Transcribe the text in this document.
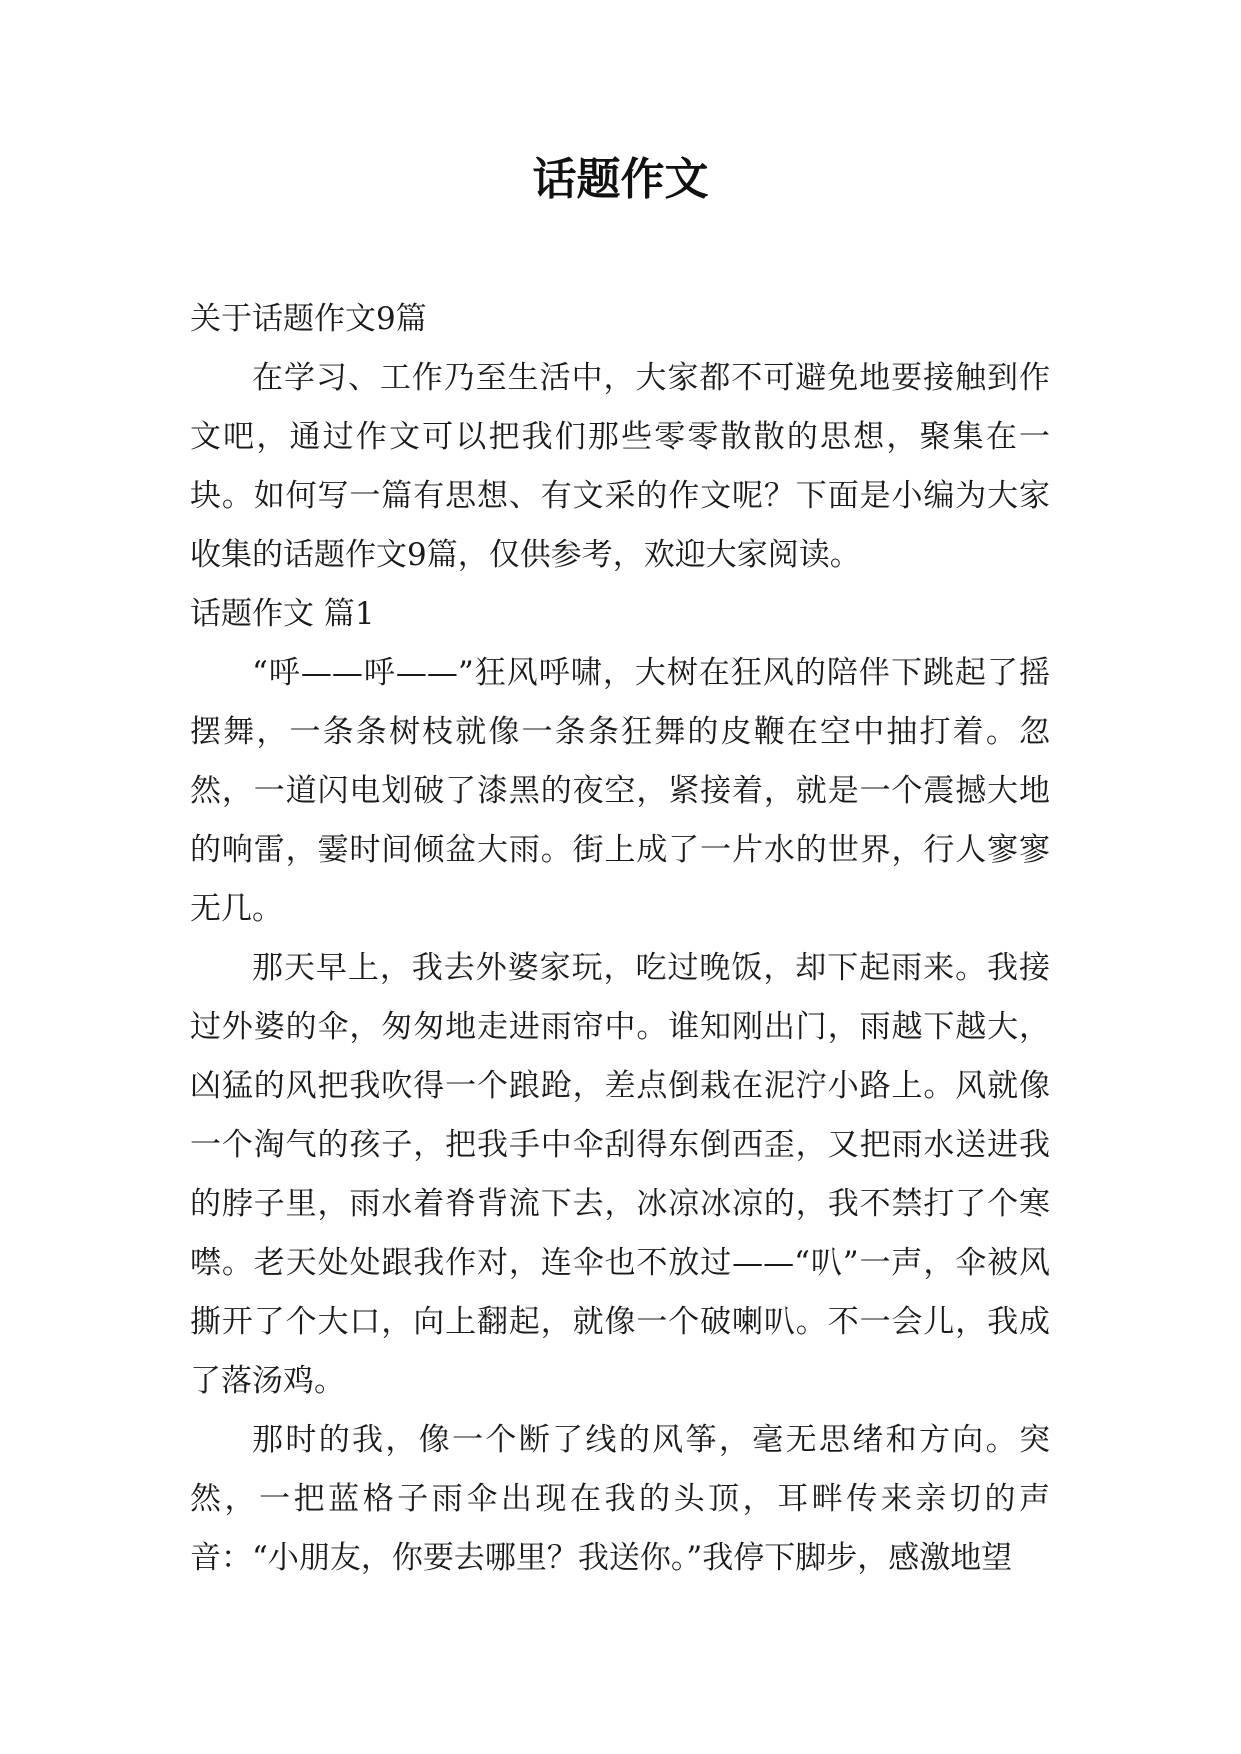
话题作文

关于话题作文9篇

在学习、工作乃至生活中，大家都不可避免地要接触到作文吧，通过作文可以把我们那些零零散散的思想，聚集在一块。如何写一篇有思想、有文采的作文呢？下面是小编为大家收集的话题作文9篇，仅供参考，欢迎大家阅读。

话题作文 篇1

“呼——呼——”狂风呼啸，大树在狂风的陪伴下跳起了摇摆舞，一条条树枝就像一条条狂舞的皮鞭在空中抽打着。忽然，一道闪电划破了漆黑的夜空，紧接着，就是一个震撼大地的响雷，霎时间倾盆大雨。街上成了一片水的世界，行人寥寥无几。

那天早上，我去外婆家玩，吃过晚饭，却下起雨来。我接过外婆的伞，匆匆地走进雨帘中。谁知刚出门，雨越下越大，凶猛的风把我吹得一个踉跄，差点倒栽在泥泞小路上。风就像一个淘气的孩子，把我手中伞刮得东倒西歪，又把雨水送进我的脖子里，雨水着脊背流下去，冰凉冰凉的，我不禁打了个寒噤。老天处处跟我作对，连伞也不放过——“叭”一声，伞被风撕开了个大口，向上翻起，就像一个破喇叭。不一会儿，我成了落汤鸡。

那时的我，像一个断了线的风筝，毫无思绪和方向。突然，一把蓝格子雨伞出现在我的头顶，耳畔传来亲切的声音：“小朋友，你要去哪里？我送你。”我停下脚步，感激地望
